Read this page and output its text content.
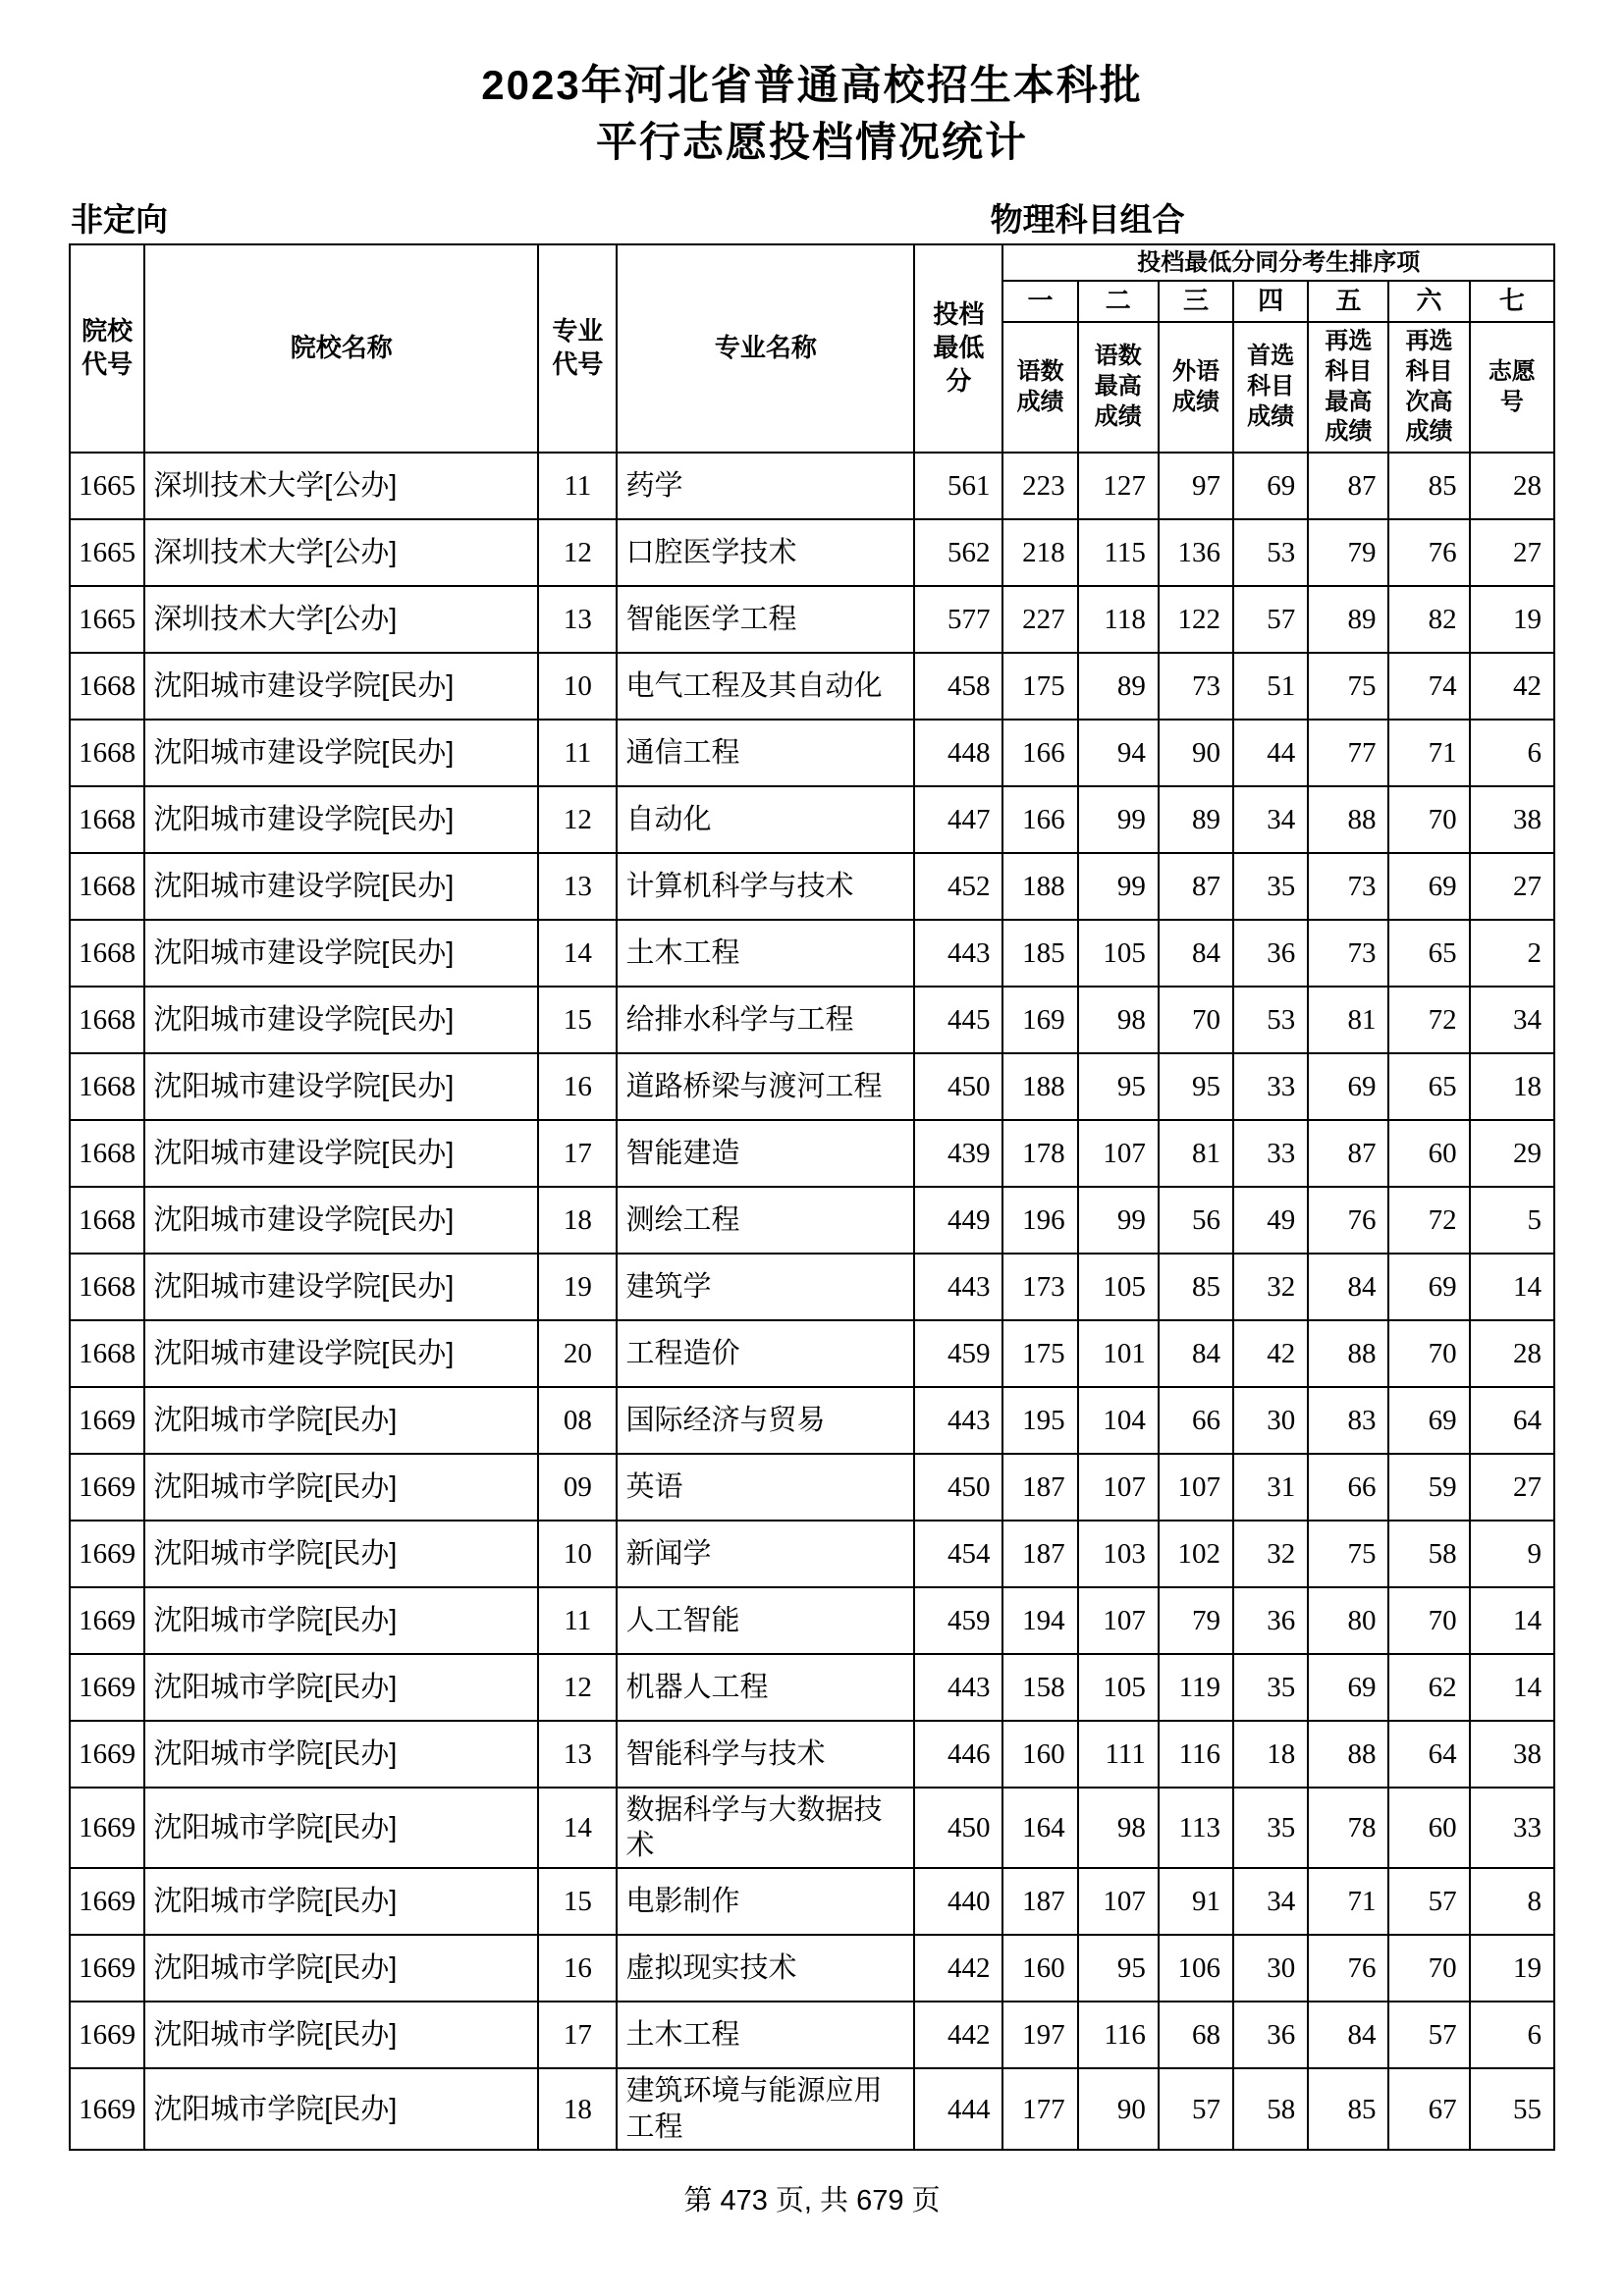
2023年河北省普通高校招生本科批
平行志愿投档情况统计
非定向	物理科目组合
院校代号	院校名称	专业代号	专业名称	投档最低分	投档最低分同分考生排序项						
					一	二	三	四	五	六	七
					语数成绩	语数最高成绩	外语成绩	首选科目成绩	再选科目最高成绩	再选科目次高成绩	志愿号
1665	深圳技术大学[公办]	11	药学	561	223	127	97	69	87	85	28
1665	深圳技术大学[公办]	12	口腔医学技术	562	218	115	136	53	79	76	27
1665	深圳技术大学[公办]	13	智能医学工程	577	227	118	122	57	89	82	19
1668	沈阳城市建设学院[民办]	10	电气工程及其自动化	458	175	89	73	51	75	74	42
1668	沈阳城市建设学院[民办]	11	通信工程	448	166	94	90	44	77	71	6
1668	沈阳城市建设学院[民办]	12	自动化	447	166	99	89	34	88	70	38
1668	沈阳城市建设学院[民办]	13	计算机科学与技术	452	188	99	87	35	73	69	27
1668	沈阳城市建设学院[民办]	14	土木工程	443	185	105	84	36	73	65	2
1668	沈阳城市建设学院[民办]	15	给排水科学与工程	445	169	98	70	53	81	72	34
1668	沈阳城市建设学院[民办]	16	道路桥梁与渡河工程	450	188	95	95	33	69	65	18
1668	沈阳城市建设学院[民办]	17	智能建造	439	178	107	81	33	87	60	29
1668	沈阳城市建设学院[民办]	18	测绘工程	449	196	99	56	49	76	72	5
1668	沈阳城市建设学院[民办]	19	建筑学	443	173	105	85	32	84	69	14
1668	沈阳城市建设学院[民办]	20	工程造价	459	175	101	84	42	88	70	28
1669	沈阳城市学院[民办]	08	国际经济与贸易	443	195	104	66	30	83	69	64
1669	沈阳城市学院[民办]	09	英语	450	187	107	107	31	66	59	27
1669	沈阳城市学院[民办]	10	新闻学	454	187	103	102	32	75	58	9
1669	沈阳城市学院[民办]	11	人工智能	459	194	107	79	36	80	70	14
1669	沈阳城市学院[民办]	12	机器人工程	443	158	105	119	35	69	62	14
1669	沈阳城市学院[民办]	13	智能科学与技术	446	160	111	116	18	88	64	38
1669	沈阳城市学院[民办]	14	数据科学与大数据技术	450	164	98	113	35	78	60	33
1669	沈阳城市学院[民办]	15	电影制作	440	187	107	91	34	71	57	8
1669	沈阳城市学院[民办]	16	虚拟现实技术	442	160	95	106	30	76	70	19
1669	沈阳城市学院[民办]	17	土木工程	442	197	116	68	36	84	57	6
1669	沈阳城市学院[民办]	18	建筑环境与能源应用工程	444	177	90	57	58	85	67	55
第 473 页, 共 679 页
